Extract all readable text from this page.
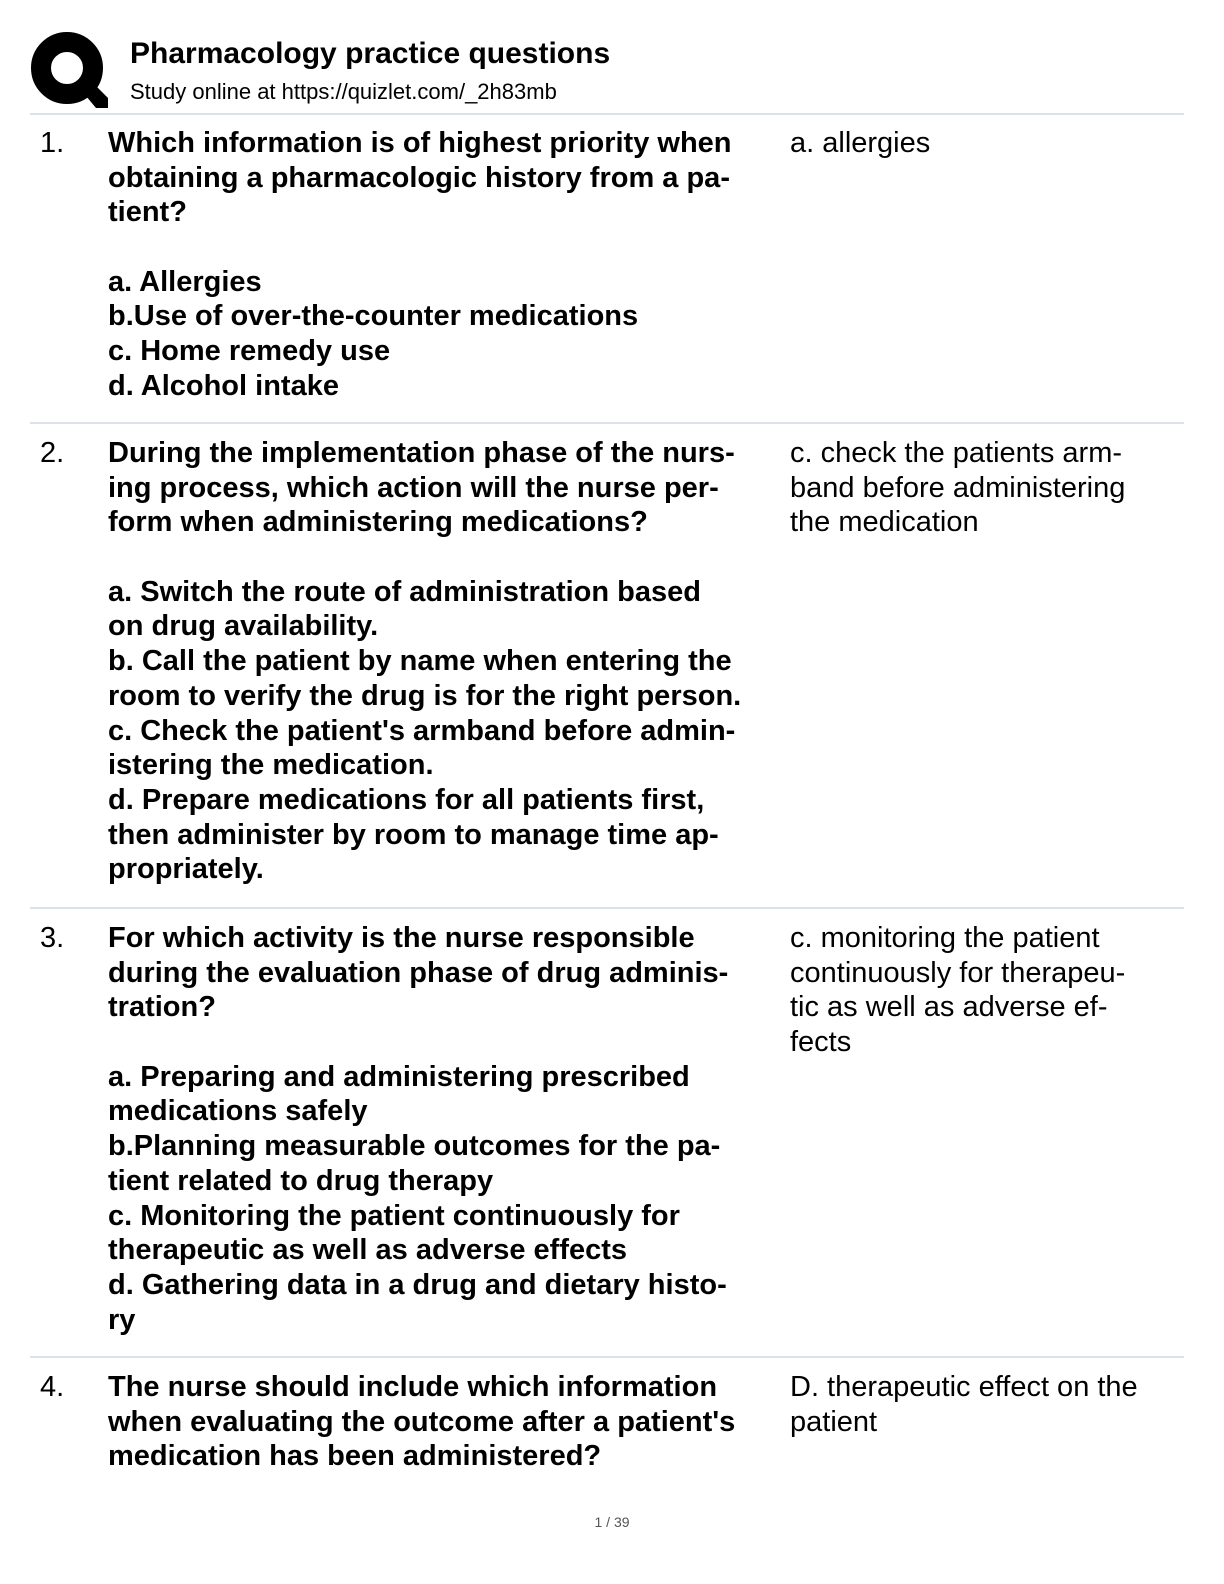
Pharmacology practice questions
Study online at https://quizlet.com/_2h83mb
1. Which information is of highest priority when
obtaining a pharmacologic history from a pa-
tient?
a. Allergies
b.Use of over-the-counter medications
c. Home remedy use
d. Alcohol intake
a. allergies
2. During the implementation phase of the nurs-
ing process, which action will the nurse per-
form when administering medications?
a. Switch the route of administration based
on drug availability.
b. Call the patient by name when entering the
room to verify the drug is for the right person.
c. Check the patient's armband before admin-
istering the medication.
d. Prepare medications for all patients first,
then administer by room to manage time ap-
propriately.
c. check the patients arm-
band before administering
the medication
3. For which activity is the nurse responsible
during the evaluation phase of drug adminis-
tration?
a. Preparing and administering prescribed
medications safely
b.Planning measurable outcomes for the pa-
tient related to drug therapy
c. Monitoring the patient continuously for
therapeutic as well as adverse effects
d. Gathering data in a drug and dietary histo-
ry
c. monitoring the patient
continuously for therapeu-
tic as well as adverse ef-
fects
4. The nurse should include which information
when evaluating the outcome after a patient's
medication has been administered?
D. therapeutic effect on the
patient
1 / 39
